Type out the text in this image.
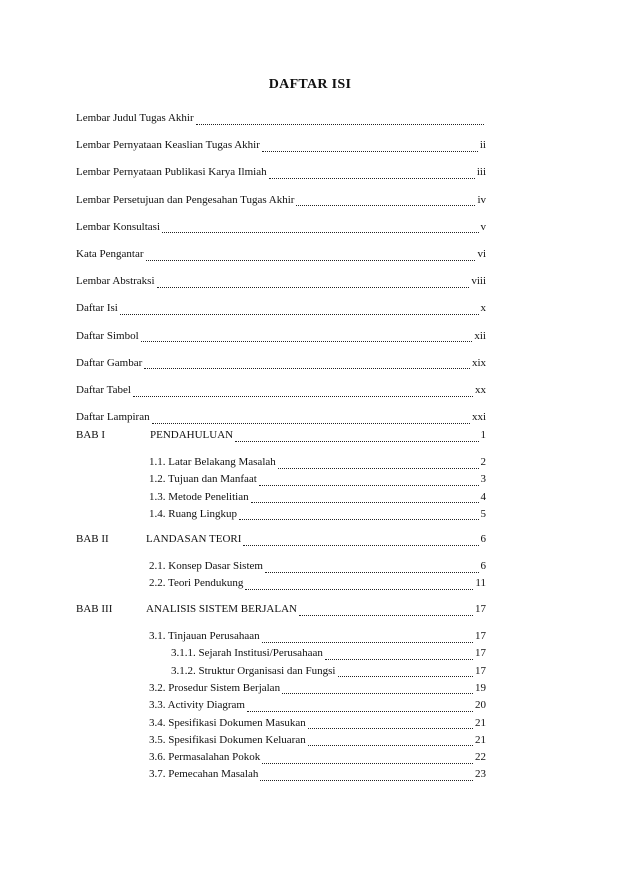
DAFTAR ISI
Lembar Judul Tugas Akhir
Lembar Pernyataan Keaslian Tugas Akhir	ii
Lembar Pernyataan Publikasi Karya Ilmiah	iii
Lembar Persetujuan dan Pengesahan Tugas Akhir	iv
Lembar Konsultasi	v
Kata Pengantar	vi
Lembar Abstraksi	viii
Daftar Isi	x
Daftar Simbol	xii
Daftar Gambar	xix
Daftar Tabel	xx
Daftar Lampiran	xxi
BAB I	PENDAHULUAN	1
1.1. Latar Belakang Masalah	2
1.2. Tujuan dan Manfaat	3
1.3. Metode Penelitian	4
1.4. Ruang Lingkup	5
BAB II	LANDASAN TEORI	6
2.1. Konsep Dasar Sistem	6
2.2. Teori Pendukung	11
BAB III	ANALISIS SISTEM BERJALAN	17
3.1. Tinjauan Perusahaan	17
3.1.1. Sejarah Institusi/Perusahaan	17
3.1.2. Struktur Organisasi dan Fungsi	17
3.2. Prosedur Sistem Berjalan	19
3.3. Activity Diagram	20
3.4. Spesifikasi Dokumen Masukan	21
3.5. Spesifikasi Dokumen Keluaran	21
3.6. Permasalahan Pokok	22
3.7. Pemecahan Masalah	23
